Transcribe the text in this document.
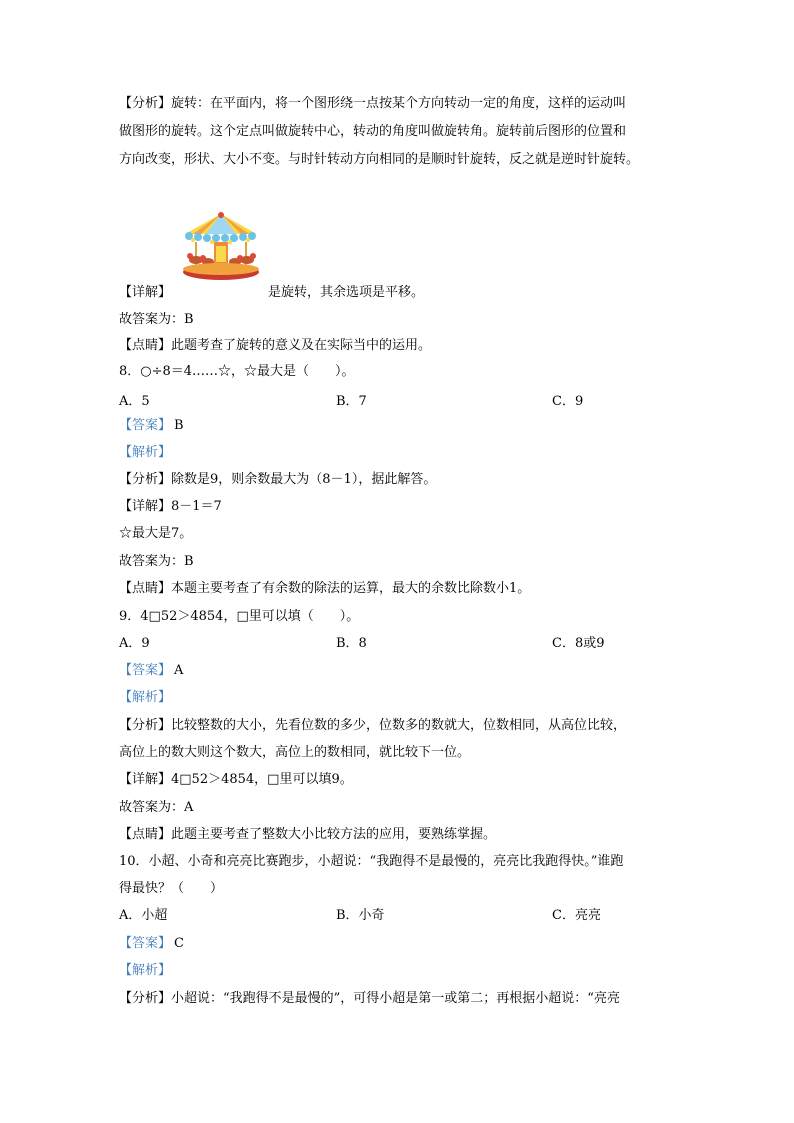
【分析】旋转：在平面内，将一个图形绕一点按某个方向转动一定的角度，这样的运动叫
做图形的旋转。这个定点叫做旋转中心，转动的角度叫做旋转角。旋转前后图形的位置和
方向改变，形状、大小不变。与时针转动方向相同的是顺时针旋转，反之就是逆时针旋转。
【详解】	是旋转，其余选项是平移。
故答案为：B
【点睛】此题考查了旋转的意义及在实际当中的运用。
8．○÷8＝4……☆，☆最大是（　　）。
A．5	B．7	C．9
【答案】 B
【解析】
【分析】除数是9，则余数最大为（8－1），据此解答。
【详解】8－1＝7
☆最大是7。
故答案为：B
【点睛】本题主要考查了有余数的除法的运算，最大的余数比除数小1。
9．4□52＞4854，□里可以填（　　）。
A．9	B．8	C．8或9
【答案】 A
【解析】
【分析】比较整数的大小，先看位数的多少，位数多的数就大，位数相同，从高位比较，
高位上的数大则这个数大，高位上的数相同，就比较下一位。
【详解】4□52＞4854，□里可以填9。
故答案为：A
【点睛】此题主要考查了整数大小比较方法的应用，要熟练掌握。
10．小超、小奇和亮亮比赛跑步，小超说：“我跑得不是最慢的，亮亮比我跑得快。”谁跑
得最快？（　　）
A．小超	B．小奇	C．亮亮
【答案】 C
【解析】
【分析】小超说：“我跑得不是最慢的”，可得小超是第一或第二；再根据小超说：“亮亮
